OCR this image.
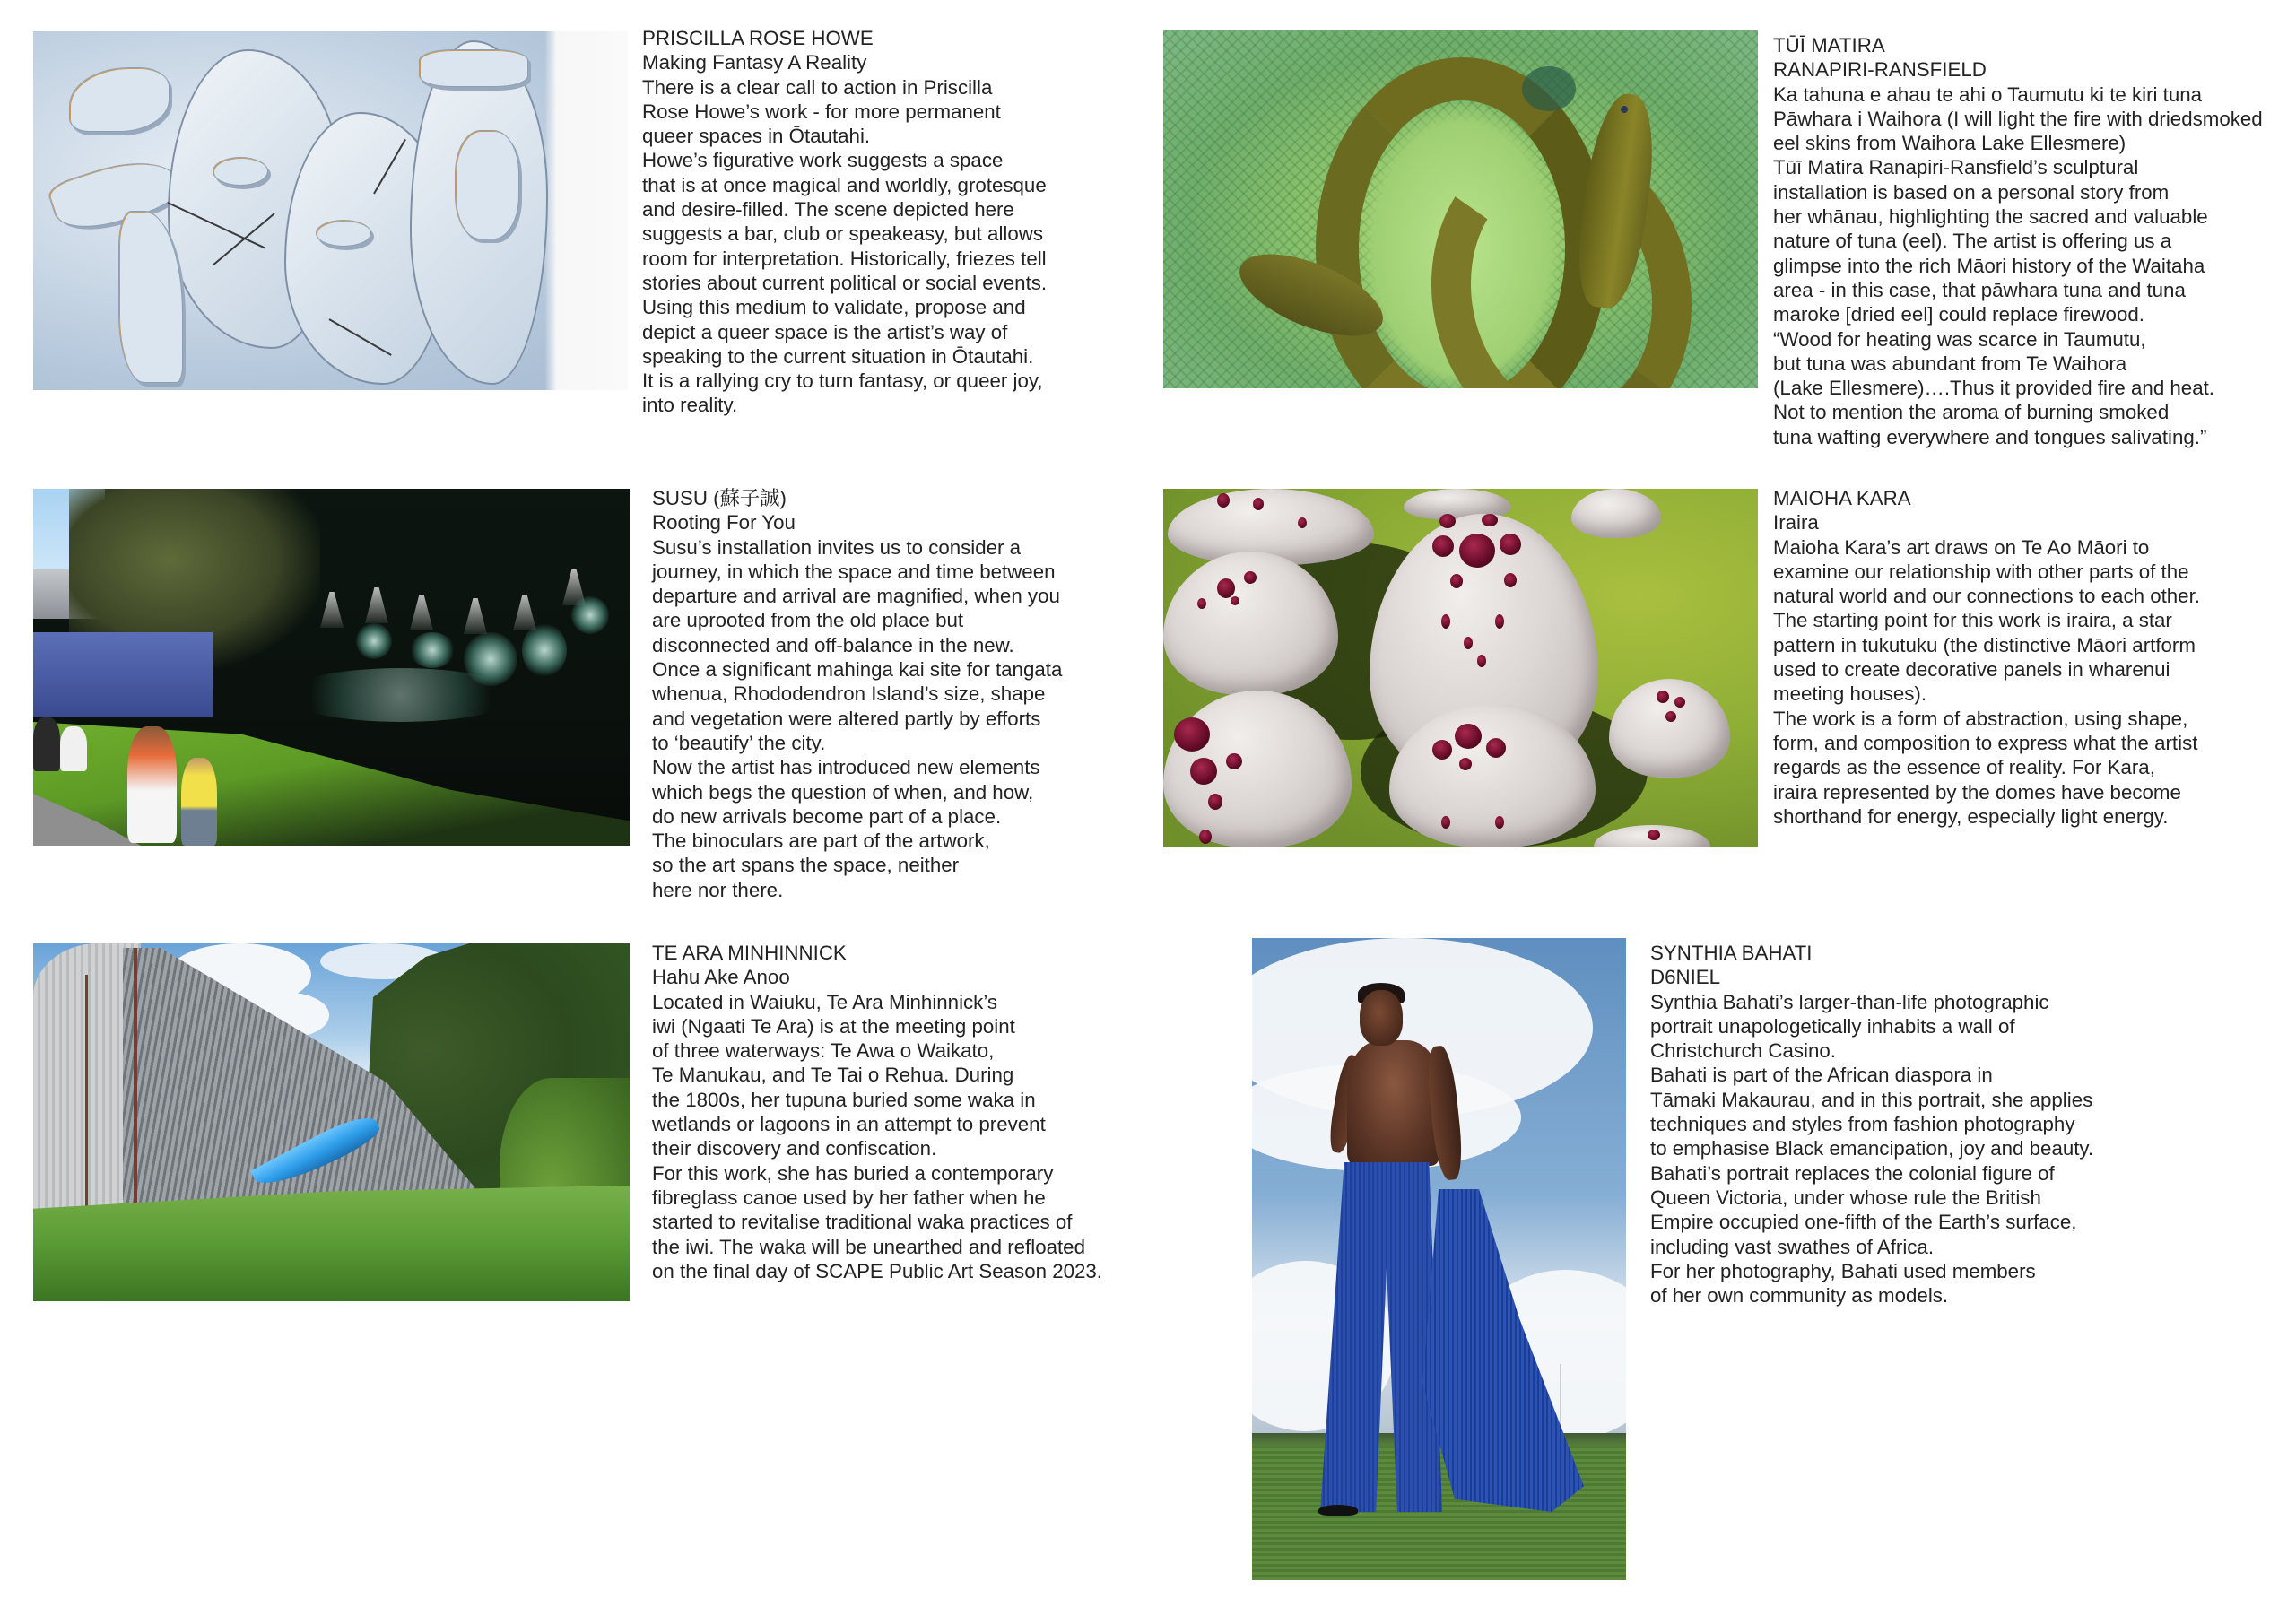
PRISCILLA ROSE HOWE
Making Fantasy A Reality
There is a clear call to action in Priscilla
Rose Howe’s work - for more permanent
queer spaces in Ōtautahi.
Howe’s figurative work suggests a space
that is at once magical and worldly, grotesque
and desire-filled. The scene depicted here
suggests a bar, club or speakeasy, but allows
room for interpretation. Historically, friezes tell
stories about current political or social events.
Using this medium to validate, propose and
depict a queer space is the artist’s way of
speaking to the current situation in Ōtautahi.
It is a rallying cry to turn fantasy, or queer joy,
into reality.
TŪĪ MATIRA
RANAPIRI-RANSFIELD
Ka tahuna e ahau te ahi o Taumutu ki te kiri tuna
Pāwhara i Waihora (I will light the fire with driedsmoked
eel skins from Waihora Lake Ellesmere)
Tūī Matira Ranapiri-Ransfield’s sculptural
installation is based on a personal story from
her whānau, highlighting the sacred and valuable
nature of tuna (eel). The artist is offering us a
glimpse into the rich Māori history of the Waitaha
area - in this case, that pāwhara tuna and tuna
maroke [dried eel] could replace firewood.
“Wood for heating was scarce in Taumutu,
but tuna was abundant from Te Waihora
(Lake Ellesmere)….Thus it provided fire and heat.
Not to mention the aroma of burning smoked
tuna wafting everywhere and tongues salivating.”
SUSU (蘇子誠)
Rooting For You
Susu’s installation invites us to consider a
journey, in which the space and time between
departure and arrival are magnified, when you
are uprooted from the old place but
disconnected and off-balance in the new.
Once a significant mahinga kai site for tangata
whenua, Rhododendron Island’s size, shape
and vegetation were altered partly by efforts
to ‘beautify’ the city.
Now the artist has introduced new elements
which begs the question of when, and how,
do new arrivals become part of a place.
The binoculars are part of the artwork,
so the art spans the space, neither
here nor there.
MAIOHA KARA
Iraira
Maioha Kara’s art draws on Te Ao Māori to
examine our relationship with other parts of the
natural world and our connections to each other.
The starting point for this work is iraira, a star
pattern in tukutuku (the distinctive Māori artform
used to create decorative panels in wharenui
meeting houses).
The work is a form of abstraction, using shape,
form, and composition to express what the artist
regards as the essence of reality. For Kara,
iraira represented by the domes have become
shorthand for energy, especially light energy.
TE ARA MINHINNICK
Hahu Ake Anoo
Located in Waiuku, Te Ara Minhinnick’s
iwi (Ngaati Te Ara) is at the meeting point
of three waterways: Te Awa o Waikato,
Te Manukau, and Te Tai o Rehua. During
the 1800s, her tupuna buried some waka in
wetlands or lagoons in an attempt to prevent
their discovery and confiscation.
For this work, she has buried a contemporary
fibreglass canoe used by her father when he
started to revitalise traditional waka practices of
the iwi. The waka will be unearthed and refloated
on the final day of SCAPE Public Art Season 2023.
SYNTHIA BAHATI
D6NIEL
Synthia Bahati’s larger-than-life photographic
portrait unapologetically inhabits a wall of
Christchurch Casino.
Bahati is part of the African diaspora in
Tāmaki Makaurau, and in this portrait, she applies
techniques and styles from fashion photography
to emphasise Black emancipation, joy and beauty.
Bahati’s portrait replaces the colonial figure of
Queen Victoria, under whose rule the British
Empire occupied one-fifth of the Earth’s surface,
including vast swathes of Africa.
For her photography, Bahati used members
of her own community as models.
